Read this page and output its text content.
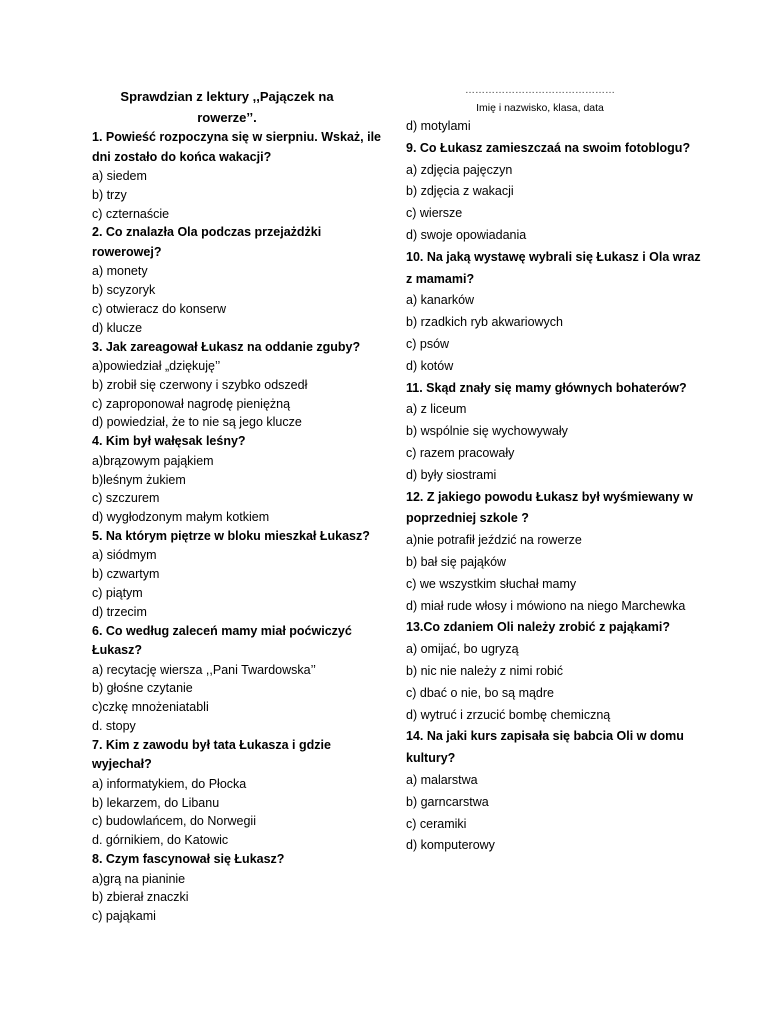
Sprawdzian z lektury ,,Pajączek na
rowerze’’.
1. Powieść rozpoczyna się w sierpniu. Wskaż, ile dni zostało do końca wakacji?
a) siedem
b) trzy
c) czternaście
2. Co znalazła Ola podczas przejażdżki rowerowej?
a) monety
b) scyzoryk
c) otwieracz do konserw
d) klucze
3. Jak zareagował Łukasz na oddanie zguby?
a)powiedział „dziękuję’’
b) zrobił się czerwony i szybko odszedł
c) zaproponował nagrodę pieniężną
d) powiedział, że to nie są jego klucze
4. Kim był wałęsak leśny?
a)brązowym pająkiem
b)leśnym żukiem
c) szczurem
d) wygłodzonym małym kotkiem
5. Na którym piętrze w bloku mieszkał Łukasz?
a) siódmym
b) czwartym
c) piątym
d) trzecim
6. Co według zaleceń mamy miał poćwiczyć Łukasz?
a) recytację wiersza ,,Pani Twardowska’’
b) głośne czytanie
c)czkę mnożeniatabli
d. stopy
7. Kim z zawodu był tata Łukasza i gdzie wyjechał?
a) informatykiem, do Płocka
b) lekarzem, do Libanu
c) budowlańcem, do Norwegii
d. górnikiem, do Katowic
8. Czym fascynował się Łukasz?
a)grą na pianinie
b) zbierał znaczki
c) pająkami
………………………………………
Imię i nazwisko, klasa, data
d) motylami
9. Co Łukasz zamieszczaá na swoim fotoblogu?
a) zdjęcia pajęczyn
b) zdjęcia z wakacji
c) wiersze
d) swoje opowiadania
10. Na jaką wystawę wybrali się Łukasz i Ola wraz z mamami?
a) kanarków
b) rzadkich ryb akwariowych
c) psów
d) kotów
11. Skąd znały się mamy głównych bohaterów?
a) z liceum
b) wspólnie się wychowywały
c) razem pracowały
d) były siostrami
12. Z jakiego powodu Łukasz był wyśmiewany w poprzedniej szkole ?
a)nie potrafił jeździć na rowerze
b) bał się pająków
c) we wszystkim słuchał mamy
d) miał rude włosy i mówiono na niego Marchewka
13.Co zdaniem Oli należy zrobić z pająkami?
a) omijać, bo ugryzą
b) nic nie należy z nimi robić
c) dbać o nie, bo są mądre
d) wytruć i zrzucić bombę chemiczną
14. Na jaki kurs zapisała się babcia Oli w domu kultury?
a) malarstwa
b) garncarstwa
c) ceramiki
d) komputerowy
